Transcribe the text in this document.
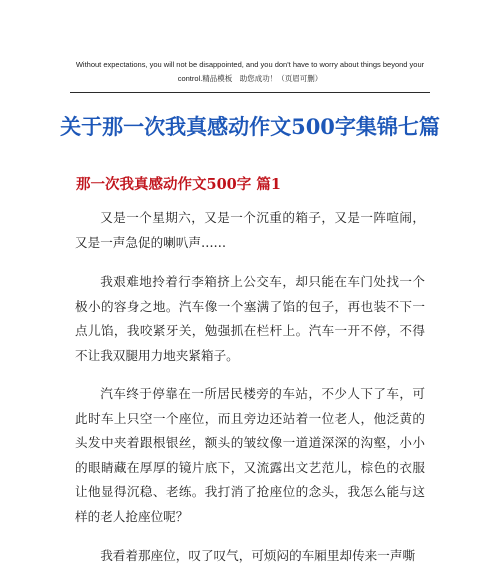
Without expectations, you will not be disappointed, and you don't have to worry about things beyond your
control.精品模板　助您成功！（页眉可删）
关于那一次我真感动作文500字集锦七篇
那一次我真感动作文500字 篇1

又是一个星期六，又是一个沉重的箱子，又是一阵喧闹，又是一声急促的喇叭声……

我艰难地拎着行李箱挤上公交车，却只能在车门处找一个极小的容身之地。汽车像一个塞满了馅的包子，再也装不下一点儿馅，我咬紧牙关，勉强抓在栏杆上。汽车一开不停，不得不让我双腿用力地夹紧箱子。

汽车终于停靠在一所居民楼旁的车站，不少人下了车，可此时车上只空一个座位，而且旁边还站着一位老人，他泛黄的头发中夹着跟根银丝，额头的皱纹像一道道深深的沟壑，小小的眼睛藏在厚厚的镜片底下，又流露出文艺范儿，棕色的衣服让他显得沉稳、老练。我打消了抢座位的念头，我怎么能与这样的老人抢座位呢？

我看着那座位，叹了叹气，可烦闷的车厢里却传来一声嘶
